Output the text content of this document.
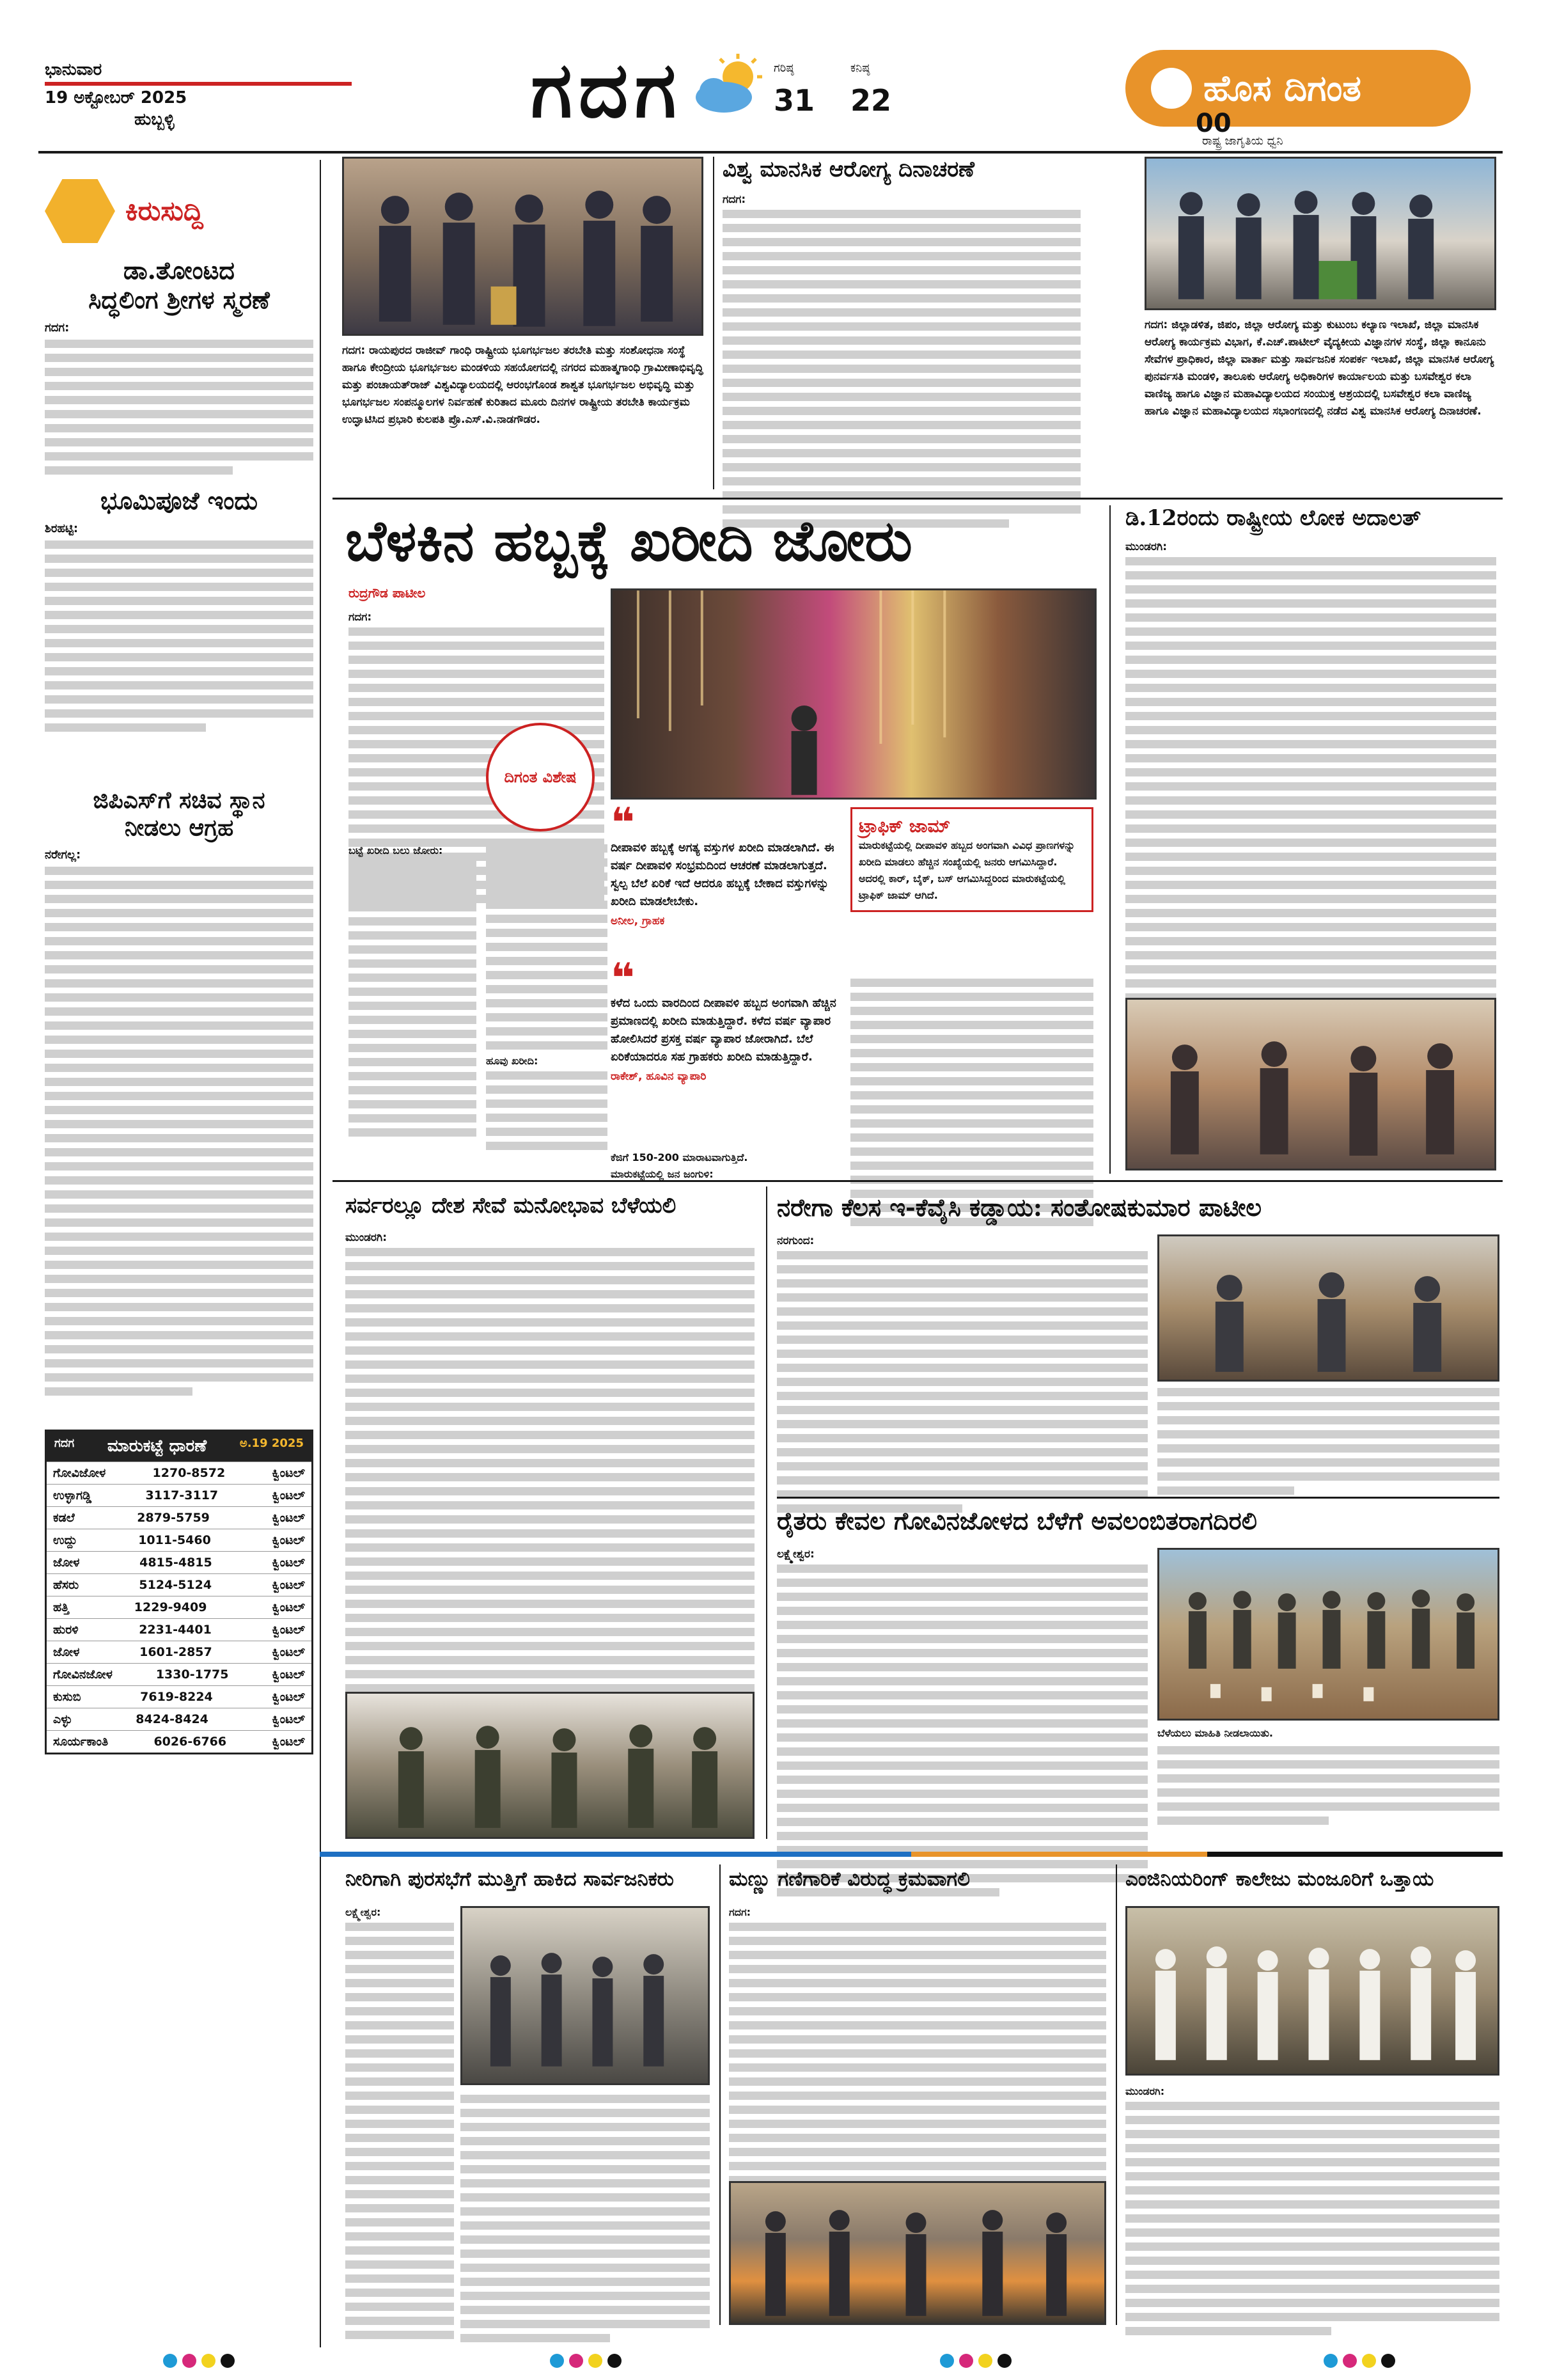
ಭಾನುವಾರ
19 ಅಕ್ಟೋಬರ್ 2025
ಹುಬ್ಬಳ್ಳಿ	ಗದಗ	ಗರಿಷ್ಠ
31
ಕನಿಷ್ಠ
22	ಹೊಸ ದಿಗಂತ
ರಾಷ್ಟ್ರ ಜಾಗೃತಿಯ ಧ್ವನಿ
00
ಕಿರುಸುದ್ದಿ
ಡಾ.ತೋಂಟದ
ಸಿದ್ಧಲಿಂಗ ಶ್ರೀಗಳ ಸ್ಮರಣೆ
ಗದಗ:
ಭೂಮಿಪೂಜೆ ಇಂದು
ಶಿರಹಟ್ಟಿ:
ಜಿಪಿಎಸ್‌ಗೆ ಸಚಿವ ಸ್ಥಾನ
ನೀಡಲು ಆಗ್ರಹ
ನರೇಗಲ್ಲ:
ಗದಗ ಮಾರುಕಟ್ಟೆ ಧಾರಣೆ	ಅ.19 2025
ಗೋವಿಜೋಳ	1270-8572	ಕ್ವಿಂಟಲ್
ಉಳ್ಳಾಗಡ್ಡಿ	3117-3117	ಕ್ವಿಂಟಲ್
ಕಡಲೆ	2879-5759	ಕ್ವಿಂಟಲ್
ಉದ್ದು	1011-5460	ಕ್ವಿಂಟಲ್
ಜೋಳ	4815-4815	ಕ್ವಿಂಟಲ್
ಹೆಸರು	5124-5124	ಕ್ವಿಂಟಲ್
ಹತ್ತಿ	1229-9409	ಕ್ವಿಂಟಲ್
ಹುರಳಿ	2231-4401	ಕ್ವಿಂಟಲ್
ಜೋಳ	1601-2857	ಕ್ವಿಂಟಲ್
ಗೋವಿನಜೋಳ	1330-1775	ಕ್ವಿಂಟಲ್
ಕುಸುಬಿ	7619-8224	ಕ್ವಿಂಟಲ್
ಎಳ್ಳು	8424-8424	ಕ್ವಿಂಟಲ್
ಸೂರ್ಯಕಾಂತಿ	6026-6766	ಕ್ವಿಂಟಲ್
ಗದಗ: ರಾಯಪುರದ ರಾಜೀವ್ ಗಾಂಧಿ ರಾಷ್ಟ್ರೀಯ ಭೂಗರ್ಭಜಲ ತರಬೇತಿ ಮತ್ತು ಸಂಶೋಧನಾ ಸಂಸ್ಥೆ ಹಾಗೂ ಕೇಂದ್ರೀಯ ಭೂಗರ್ಭಜಲ ಮಂಡಳಿಯ ಸಹಯೋಗದಲ್ಲಿ ನಗರದ ಮಹಾತ್ಮಗಾಂಧಿ ಗ್ರಾಮೀಣಾಭಿವೃದ್ಧಿ ಮತ್ತು ಪಂಚಾಯತ್‌ರಾಜ್ ವಿಶ್ವವಿದ್ಯಾಲಯದಲ್ಲಿ ಆರಂಭಗೊಂಡ ಶಾಶ್ವತ ಭೂಗರ್ಭಜಲ ಅಭಿವೃದ್ಧಿ ಮತ್ತು ಭೂಗರ್ಭಜಲ ಸಂಪನ್ಮೂಲಗಳ ನಿರ್ವಹಣೆ ಕುರಿತಾದ ಮೂರು ದಿನಗಳ ರಾಷ್ಟ್ರೀಯ ತರಬೇತಿ ಕಾರ್ಯಕ್ರಮ ಉದ್ಘಾಟಿಸಿದ ಪ್ರಭಾರಿ ಕುಲಪತಿ ಪ್ರೊ.ಎಸ್.ವಿ.ನಾಡಗೌಡರ.
ವಿಶ್ವ ಮಾನಸಿಕ ಆರೋಗ್ಯ ದಿನಾಚರಣೆ
ಗದಗ:
ಗದಗ: ಜಿಲ್ಲಾಡಳಿತ, ಜಿಪಂ, ಜಿಲ್ಲಾ ಆರೋಗ್ಯ ಮತ್ತು ಕುಟುಂಬ ಕಲ್ಯಾಣ ಇಲಾಖೆ, ಜಿಲ್ಲಾ ಮಾನಸಿಕ ಆರೋಗ್ಯ ಕಾರ್ಯಕ್ರಮ ವಿಭಾಗ, ಕೆ.ಎಚ್.ಪಾಟೀಲ್ ವೈದ್ಯಕೀಯ ವಿಜ್ಞಾನಗಳ ಸಂಸ್ಥೆ, ಜಿಲ್ಲಾ ಕಾನೂನು ಸೇವೆಗಳ ಪ್ರಾಧಿಕಾರ, ಜಿಲ್ಲಾ ವಾರ್ತಾ ಮತ್ತು ಸಾರ್ವಜನಿಕ ಸಂಪರ್ಕ ಇಲಾಖೆ, ಜಿಲ್ಲಾ ಮಾನಸಿಕ ಆರೋಗ್ಯ ಪುನರ್ವಸತಿ ಮಂಡಳಿ, ತಾಲೂಕು ಆರೋಗ್ಯ ಅಧಿಕಾರಿಗಳ ಕಾರ್ಯಾಲಯ ಮತ್ತು ಬಸವೇಶ್ವರ ಕಲಾ ವಾಣಿಜ್ಯ ಹಾಗೂ ವಿಜ್ಞಾನ ಮಹಾವಿದ್ಯಾಲಯದ ಸಂಯುಕ್ತ ಆಶ್ರಯದಲ್ಲಿ ಬಸವೇಶ್ವರ ಕಲಾ ವಾಣಿಜ್ಯ ಹಾಗೂ ವಿಜ್ಞಾನ ಮಹಾವಿದ್ಯಾಲಯದ ಸಭಾಂಗಣದಲ್ಲಿ ನಡೆದ ವಿಶ್ವ ಮಾನಸಿಕ ಆರೋಗ್ಯ ದಿನಾಚರಣೆ.
ಬೆಳಕಿನ ಹಬ್ಬಕ್ಕೆ ಖರೀದಿ ಜೋರು
ರುದ್ರಗೌಡ ಪಾಟೀಲ
ಗದಗ:
ದಿಗಂತ ವಿಶೇಷ
ಬಟ್ಟೆ ಖರೀದಿ ಬಲು ಜೋರು:
ಹೂವು ಖರೀದಿ:
❝
ದೀಪಾವಳಿ ಹಬ್ಬಕ್ಕೆ ಅಗತ್ಯ ವಸ್ತುಗಳ ಖರೀದಿ ಮಾಡಲಾಗಿದೆ. ಈ ವರ್ಷ ದೀಪಾವಳಿ ಸಂಭ್ರಮದಿಂದ ಆಚರಣೆ ಮಾಡಲಾಗುತ್ತದೆ. ಸ್ವಲ್ಪ ಬೆಲೆ ಏರಿಕೆ ಇದೆ ಆದರೂ ಹಬ್ಬಕ್ಕೆ ಬೇಕಾದ ವಸ್ತುಗಳನ್ನು ಖರೀದಿ ಮಾಡಲೇಬೇಕು.
ಅನೀಲ, ಗ್ರಾಹಕ
❝
ಕಳೆದ ಒಂದು ವಾರದಿಂದ ದೀಪಾವಳಿ ಹಬ್ಬದ ಅಂಗವಾಗಿ ಹೆಚ್ಚಿನ ಪ್ರಮಾಣದಲ್ಲಿ ಖರೀದಿ ಮಾಡುತ್ತಿದ್ದಾರೆ. ಕಳೆದ ವರ್ಷ ವ್ಯಾಪಾರ ಹೋಲಿಸಿದರೆ ಪ್ರಸಕ್ತ ವರ್ಷ ವ್ಯಾಪಾರ ಜೋರಾಗಿದೆ. ಬೆಲೆ ಏರಿಕೆಯಾದರೂ ಸಹ ಗ್ರಾಹಕರು ಖರೀದಿ ಮಾಡುತ್ತಿದ್ದಾರೆ.
ರಾಕೇಶ್, ಹೂವಿನ ವ್ಯಾಪಾರಿ
ಕೆಜಿಗೆ 150-200 ಮಾರಾಟವಾಗುತ್ತಿದೆ.
ಮಾರುಕಟ್ಟೆಯಲ್ಲಿ ಜನ ಜಂಗುಳಿ:
ಟ್ರಾಫಿಕ್ ಜಾಮ್
ಮಾರುಕಟ್ಟೆಯಲ್ಲಿ ದೀಪಾವಳಿ ಹಬ್ಬದ ಅಂಗವಾಗಿ ವಿವಿಧ ಪ್ರಾಣಗಳನ್ನು ಖರೀದಿ ಮಾಡಲು ಹೆಚ್ಚಿನ ಸಂಖ್ಯೆಯಲ್ಲಿ ಜನರು ಆಗಮಿಸಿದ್ದಾರೆ. ಅದರಲ್ಲಿ ಕಾರ್, ಬೈಕ್, ಬಸ್ ಆಗಮಿಸಿದ್ದರಿಂದ ಮಾರುಕಟ್ಟೆಯಲ್ಲಿ ಟ್ರಾಫಿಕ್ ಜಾಮ್ ಆಗಿದೆ.
ಡಿ.12ರಂದು ರಾಷ್ಟ್ರೀಯ ಲೋಕ ಅದಾಲತ್
ಮುಂಡರಗಿ:
ಸರ್ವರಲ್ಲೂ ದೇಶ ಸೇವೆ ಮನೋಭಾವ ಬೆಳೆಯಲಿ
ಮುಂಡರಗಿ:
ನರೇಗಾ ಕೆಲಸ ಇ-ಕೆವೈಸಿ ಕಡ್ಡಾಯ: ಸಂತೋಷಕುಮಾರ ಪಾಟೀಲ
ನರಗುಂದ:
ರೈತರು ಕೇವಲ ಗೋವಿನಜೋಳದ ಬೆಳೆಗೆ ಅವಲಂಬಿತರಾಗದಿರಲಿ
ಲಕ್ಷ್ಮೇಶ್ವರ:
ಬೆಳೆಯಲು ಮಾಹಿತಿ ನೀಡಲಾಯಿತು.
ನೀರಿಗಾಗಿ ಪುರಸಭೆಗೆ ಮುತ್ತಿಗೆ ಹಾಕಿದ ಸಾರ್ವಜನಿಕರು
ಲಕ್ಷ್ಮೇಶ್ವರ:
ಮಣ್ಣು ಗಣಿಗಾರಿಕೆ ವಿರುದ್ಧ ಕ್ರಮವಾಗಲಿ
ಗದಗ:
ಎಂಜಿನಿಯರಿಂಗ್ ಕಾಲೇಜು ಮಂಜೂರಿಗೆ ಒತ್ತಾಯ
ಮುಂಡರಗಿ:
